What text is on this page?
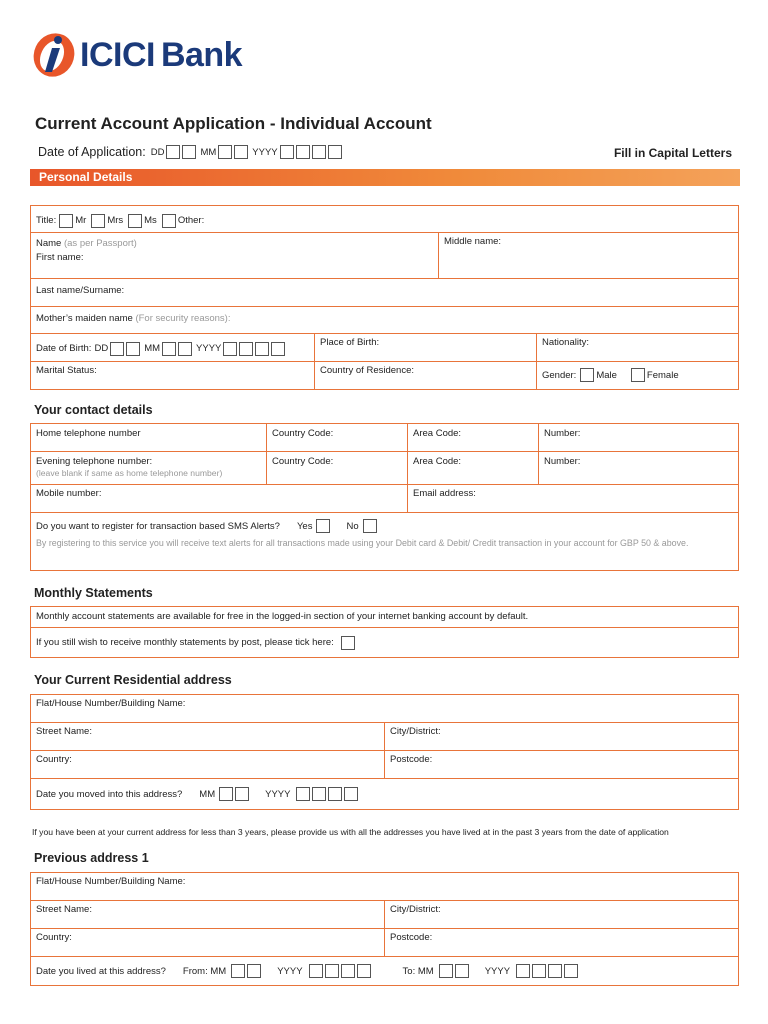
ICICI Bank
Current Account Application - Individual Account
Date of Application: DD	MM	YYYY	Fill in Capital Letters
Personal Details
Title: Mr Mrs Ms Other:
Name (as per Passport)
First name:
Middle name:
Last name/Surname:
Mother’s maiden name (For security reasons):
Date of Birth: DD	MM	YYYY
Place of Birth:	Nationality:
Marital Status:	Country of Residence:	Gender: Male	Female
Your contact details
Home telephone number	Country Code:	Area Code:	Number:
Evening telephone number:
(leave blank if same as home telephone number)
Country Code:	Area Code:	Number:
Mobile number:	Email address:
Do you want to register for transaction based SMS Alerts? Yes	No
By registering to this service you will receive text alerts for all transactions made using your Debit card & Debit/ Credit transaction in your account for GBP 50 & above.
Monthly Statements
Monthly account statements are available for free in the logged-in section of your internet banking account by default.
If you still wish to receive monthly statements by post, please tick here:
Your Current Residential address
Flat/House Number/Building Name:
Street Name:	City/District:
Country:	Postcode:
Date you moved into this address? MM	YYYY
If you have been at your current address for less than 3 years, please provide us with all the addresses you have lived at in the past 3 years from the date of application
Previous address 1
Flat/House Number/Building Name:
Street Name:	City/District:
Country:	Postcode:
Date you lived at this address? From: MM	YYYY	To: MM	YYYY
